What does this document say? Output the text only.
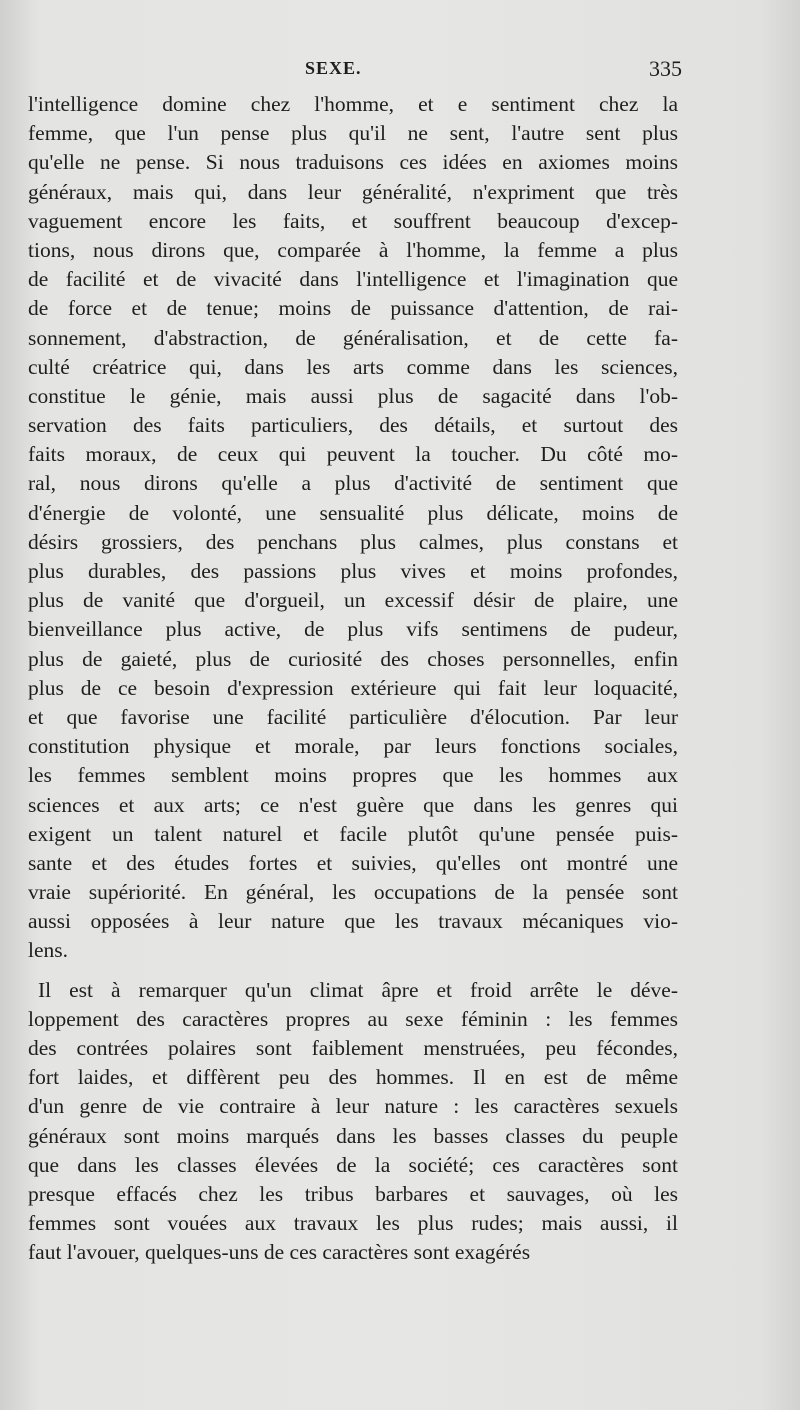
SEXE.	335
l'intelligence domine chez l'homme, et e sentiment chez la
femme, que l'un pense plus qu'il ne sent, l'autre sent plus
qu'elle ne pense. Si nous traduisons ces idées en axiomes moins
généraux, mais qui, dans leur généralité, n'expriment que très
vaguement encore les faits, et souffrent beaucoup d'excep-
tions, nous dirons que, comparée à l'homme, la femme a plus
de facilité et de vivacité dans l'intelligence et l'imagination que
de force et de tenue; moins de puissance d'attention, de rai-
sonnement, d'abstraction, de généralisation, et de cette fa-
culté créatrice qui, dans les arts comme dans les sciences,
constitue le génie, mais aussi plus de sagacité dans l'ob-
servation des faits particuliers, des détails, et surtout des
faits moraux, de ceux qui peuvent la toucher. Du côté mo-
ral, nous dirons qu'elle a plus d'activité de sentiment que
d'énergie de volonté, une sensualité plus délicate, moins de
désirs grossiers, des penchans plus calmes, plus constans et
plus durables, des passions plus vives et moins profondes,
plus de vanité que d'orgueil, un excessif désir de plaire, une
bienveillance plus active, de plus vifs sentimens de pudeur,
plus de gaieté, plus de curiosité des choses personnelles, enfin
plus de ce besoin d'expression extérieure qui fait leur loquacité,
et que favorise une facilité particulière d'élocution. Par leur
constitution physique et morale, par leurs fonctions sociales,
les femmes semblent moins propres que les hommes aux
sciences et aux arts; ce n'est guère que dans les genres qui
exigent un talent naturel et facile plutôt qu'une pensée puis-
sante et des études fortes et suivies, qu'elles ont montré une
vraie supériorité. En général, les occupations de la pensée sont
aussi opposées à leur nature que les travaux mécaniques vio-
lens.
Il est à remarquer qu'un climat âpre et froid arrête le déve-
loppement des caractères propres au sexe féminin : les femmes
des contrées polaires sont faiblement menstruées, peu fécondes,
fort laides, et diffèrent peu des hommes. Il en est de même
d'un genre de vie contraire à leur nature : les caractères sexuels
généraux sont moins marqués dans les basses classes du peuple
que dans les classes élevées de la société; ces caractères sont
presque effacés chez les tribus barbares et sauvages, où les
femmes sont vouées aux travaux les plus rudes; mais aussi, il
faut l'avouer, quelques-uns de ces caractères sont exagérés
